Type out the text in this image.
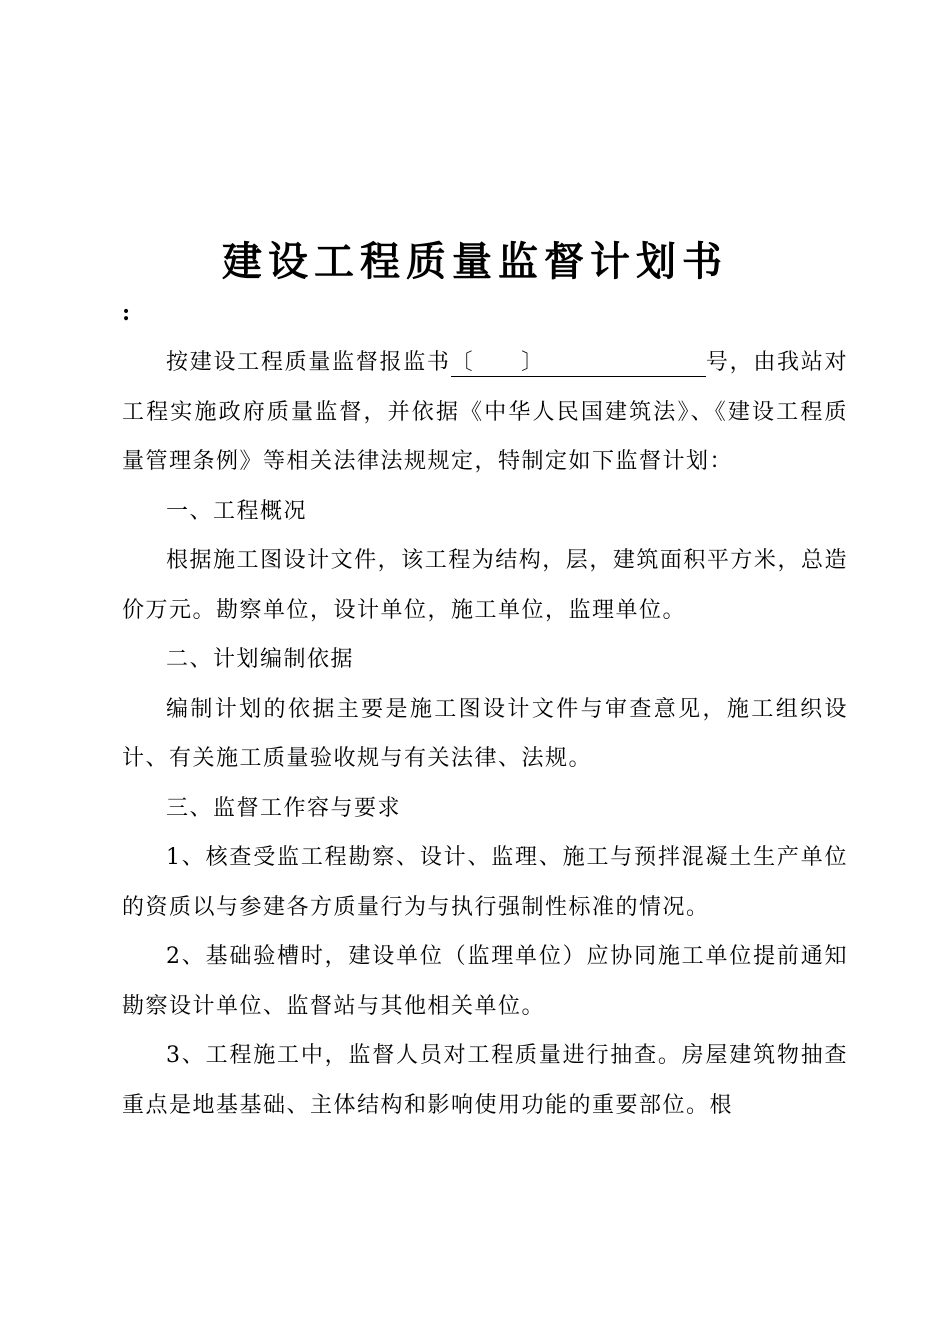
建设工程质量监督计划书
:

按建设工程质量监督报监书〔　　〕	号，由我站对工程实施政府质量监督，并依据《中华人民国建筑法》、《建设工程质量管理条例》等相关法律法规规定，特制定如下监督计划：

一、工程概况

根据施工图设计文件，该工程为结构，层，建筑面积平方米，总造价万元。勘察单位，设计单位，施工单位，监理单位。

二、计划编制依据

编制计划的依据主要是施工图设计文件与审查意见，施工组织设计、有关施工质量验收规与有关法律、法规。

三、监督工作容与要求

1、核查受监工程勘察、设计、监理、施工与预拌混凝土生产单位的资质以与参建各方质量行为与执行强制性标准的情况。

2、基础验槽时，建设单位（监理单位）应协同施工单位提前通知勘察设计单位、监督站与其他相关单位。

3、工程施工中，监督人员对工程质量进行抽查。房屋建筑物抽查重点是地基基础、主体结构和影响使用功能的重要部位。根
